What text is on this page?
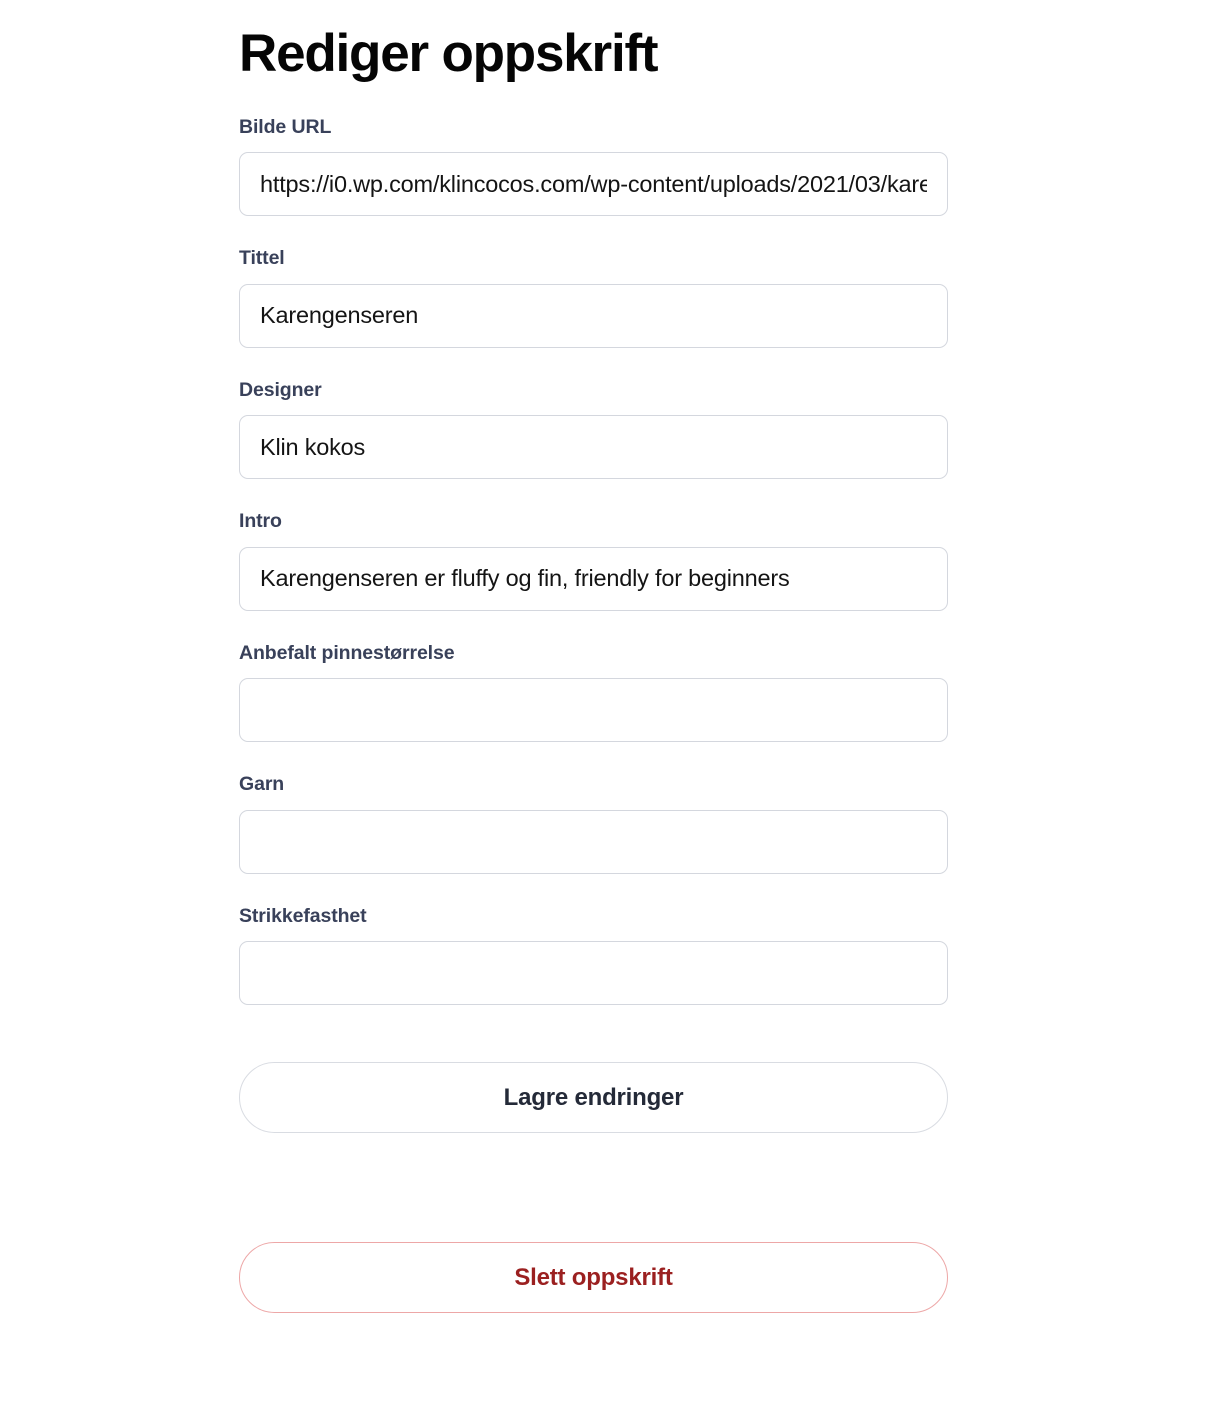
Rediger oppskrift
Bilde URL
https://i0.wp.com/klincocos.com/wp-content/uploads/2021/03/karengenseren.jpg
Tittel
Karengenseren
Designer
Klin kokos
Intro
Karengenseren er fluffy og fin, friendly for beginners
Anbefalt pinnestørrelse
Garn
Strikkefasthet
Lagre endringer
Slett oppskrift
